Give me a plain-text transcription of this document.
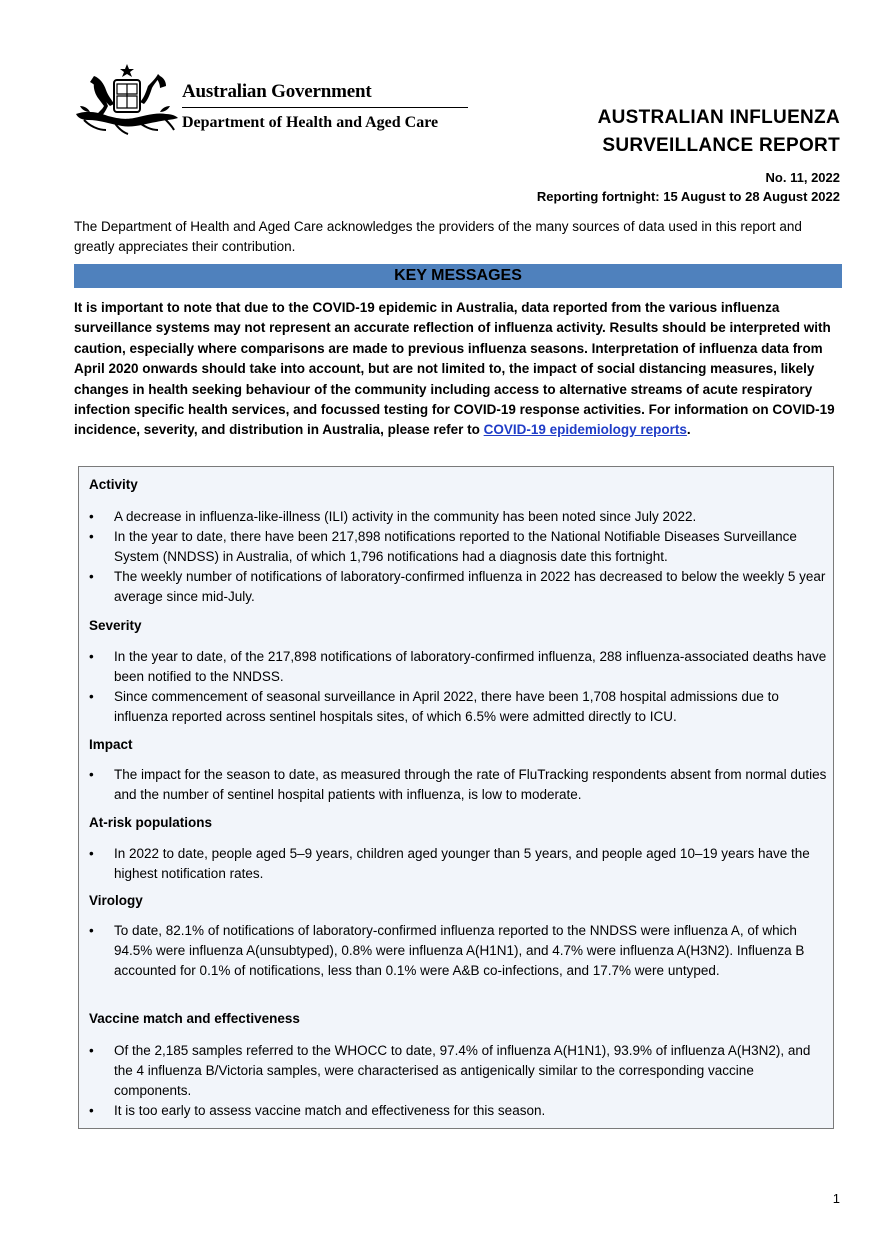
Australian Government
Department of Health and Aged Care	AUSTRALIAN INFLUENZA
SURVEILLANCE REPORT
No. 11, 2022
Reporting fortnight: 15 August to 28 August 2022
The Department of Health and Aged Care acknowledges the providers of the many sources of data used in this report and greatly appreciates their contribution.
KEY MESSAGES
It is important to note that due to the COVID-19 epidemic in Australia, data reported from the various influenza surveillance systems may not represent an accurate reflection of influenza activity. Results should be interpreted with caution, especially where comparisons are made to previous influenza seasons. Interpretation of influenza data from April 2020 onwards should take into account, but are not limited to, the impact of social distancing measures, likely changes in health seeking behaviour of the community including access to alternative streams of acute respiratory infection specific health services, and focussed testing for COVID-19 response activities. For information on COVID-19 incidence, severity, and distribution in Australia, please refer to COVID-19 epidemiology reports.
Activity
• A decrease in influenza-like-illness (ILI) activity in the community has been noted since July 2022.
• In the year to date, there have been 217,898 notifications reported to the National Notifiable Diseases Surveillance System (NNDSS) in Australia, of which 1,796 notifications had a diagnosis date this fortnight.
• The weekly number of notifications of laboratory-confirmed influenza in 2022 has decreased to below the weekly 5 year average since mid-July.
Severity
• In the year to date, of the 217,898 notifications of laboratory-confirmed influenza, 288 influenza-associated deaths have been notified to the NNDSS.
• Since commencement of seasonal surveillance in April 2022, there have been 1,708 hospital admissions due to influenza reported across sentinel hospitals sites, of which 6.5% were admitted directly to ICU.
Impact
• The impact for the season to date, as measured through the rate of FluTracking respondents absent from normal duties and the number of sentinel hospital patients with influenza, is low to moderate.
At-risk populations
• In 2022 to date, people aged 5–9 years, children aged younger than 5 years, and people aged 10–19 years have the highest notification rates.
Virology
• To date, 82.1% of notifications of laboratory-confirmed influenza reported to the NNDSS were influenza A, of which 94.5% were influenza A(unsubtyped), 0.8% were influenza A(H1N1), and 4.7% were influenza A(H3N2). Influenza B accounted for 0.1% of notifications, less than 0.1% were A&B co-infections, and 17.7% were untyped.
Vaccine match and effectiveness
• Of the 2,185 samples referred to the WHOCC to date, 97.4% of influenza A(H1N1), 93.9% of influenza A(H3N2), and the 4 influenza B/Victoria samples, were characterised as antigenically similar to the corresponding vaccine components.
• It is too early to assess vaccine match and effectiveness for this season.
1
